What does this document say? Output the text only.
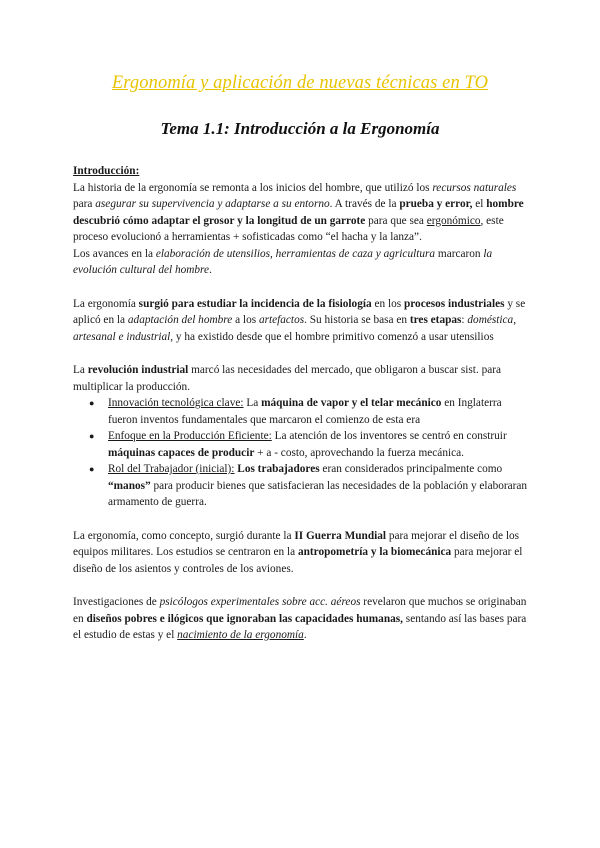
Ergonomía y aplicación de nuevas técnicas en TO
Tema 1.1: Introducción a la Ergonomía

Introducción:

La historia de la ergonomía se remonta a los inicios del hombre, que utilizó los recursos naturales para asegurar su supervivencia y adaptarse a su entorno. A través de la prueba y error, el hombre descubrió cómo adaptar el grosor y la longitud de un garrote para que sea ergonómico, este proceso evolucionó a herramientas + sofisticadas como “el hacha y la lanza”.

Los avances en la elaboración de utensilios, herramientas de caza y agricultura marcaron la evolución cultural del hombre.

La ergonomía surgió para estudiar la incidencia de la fisiología en los procesos industriales y se aplicó en la adaptación del hombre a los artefactos. Su historia se basa en tres etapas: doméstica, artesanal e industrial, y ha existido desde que el hombre primitivo comenzó a usar utensilios

La revolución industrial marcó las necesidades del mercado, que obligaron a buscar sist. para multiplicar la producción.

● Innovación tecnológica clave: La máquina de vapor y el telar mecánico en Inglaterra fueron inventos fundamentales que marcaron el comienzo de esta era
● Enfoque en la Producción Eficiente: La atención de los inventores se centró en construir máquinas capaces de producir + a - costo, aprovechando la fuerza mecánica.
● Rol del Trabajador (inicial): Los trabajadores eran considerados principalmente como “manos” para producir bienes que satisfacieran las necesidades de la población y elaboraran armamento de guerra.

La ergonomía, como concepto, surgió durante la II Guerra Mundial para mejorar el diseño de los equipos militares. Los estudios se centraron en la antropometría y la biomecánica para mejorar el diseño de los asientos y controles de los aviones.

Investigaciones de psicólogos experimentales sobre acc. aéreos revelaron que muchos se originaban en diseños pobres e ilógicos que ignoraban las capacidades humanas, sentando así las bases para el estudio de estas y el nacimiento de la ergonomía.
